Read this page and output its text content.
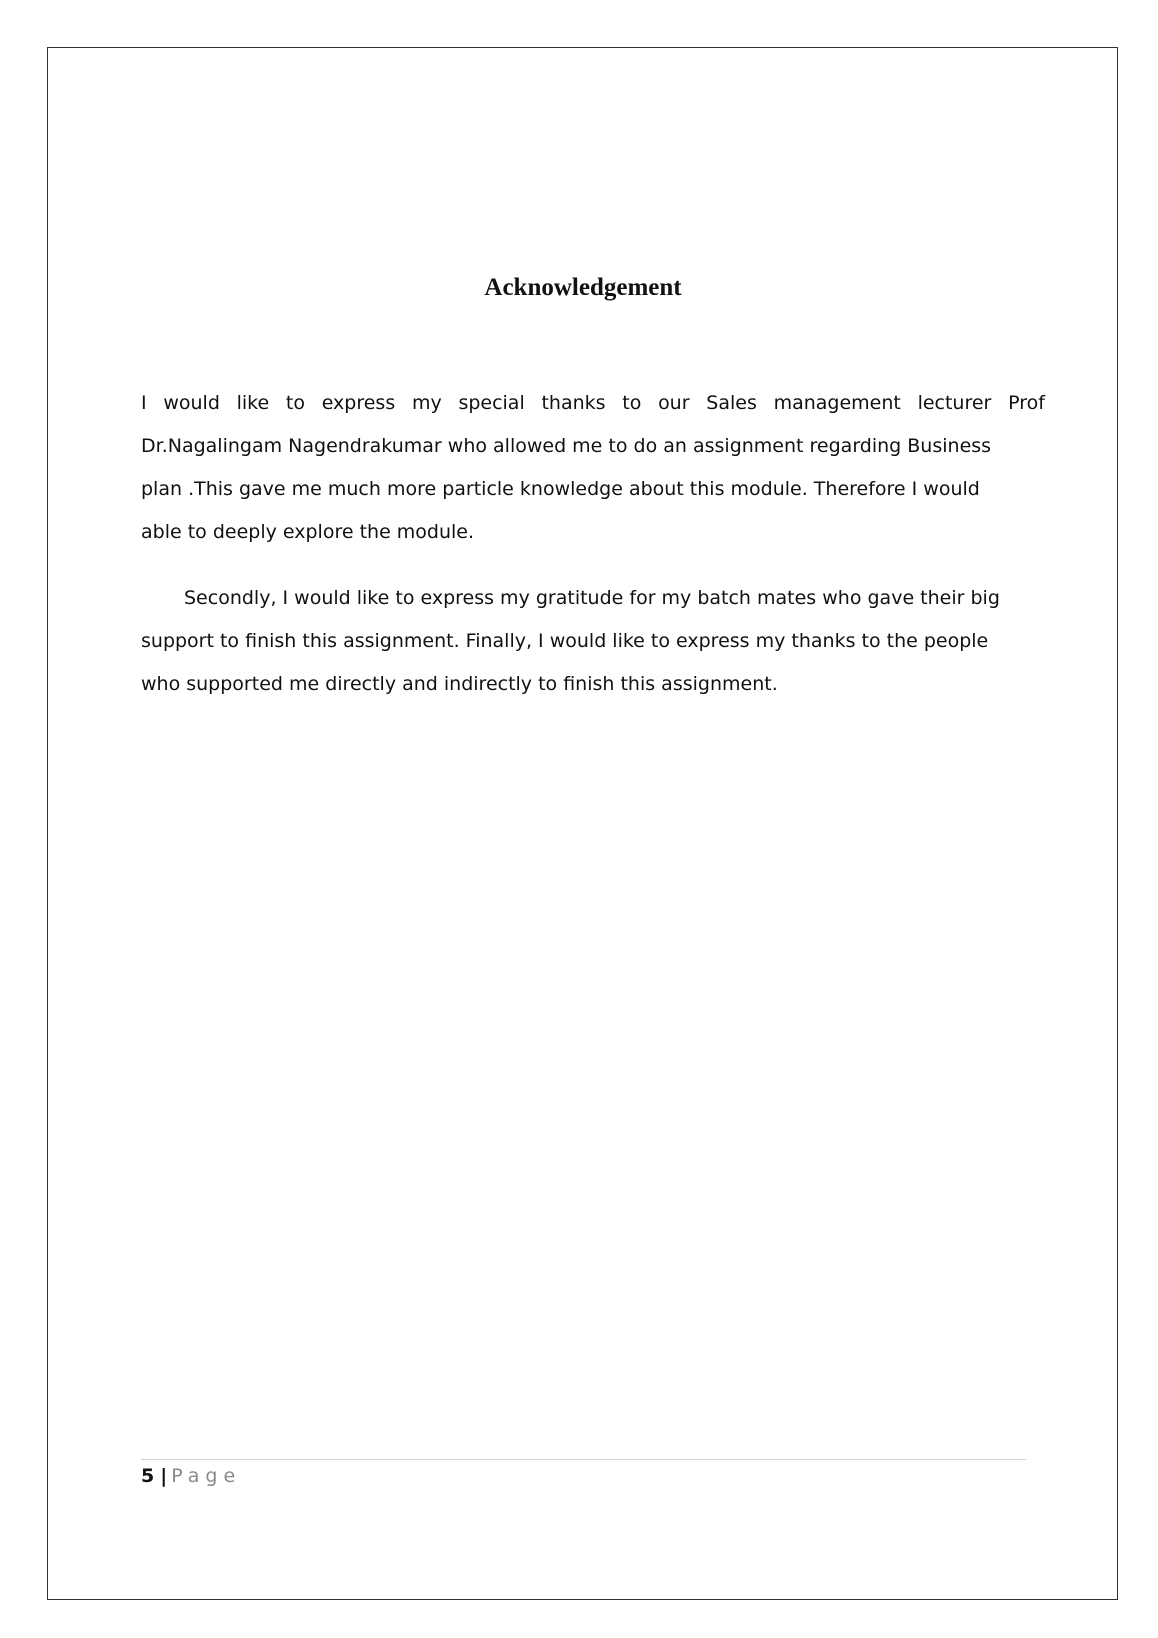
Acknowledgement
I would like to express my special thanks to our Sales management lecturer Prof
Dr.Nagalingam Nagendrakumar who allowed me to do an assignment regarding Business
plan .This gave me much more particle knowledge about this module. Therefore I would
able to deeply explore the module.
Secondly, I would like to express my gratitude for my batch mates who gave their big
support to finish this assignment. Finally, I would like to express my thanks to the people
who supported me directly and indirectly to finish this assignment.
5 | Page
